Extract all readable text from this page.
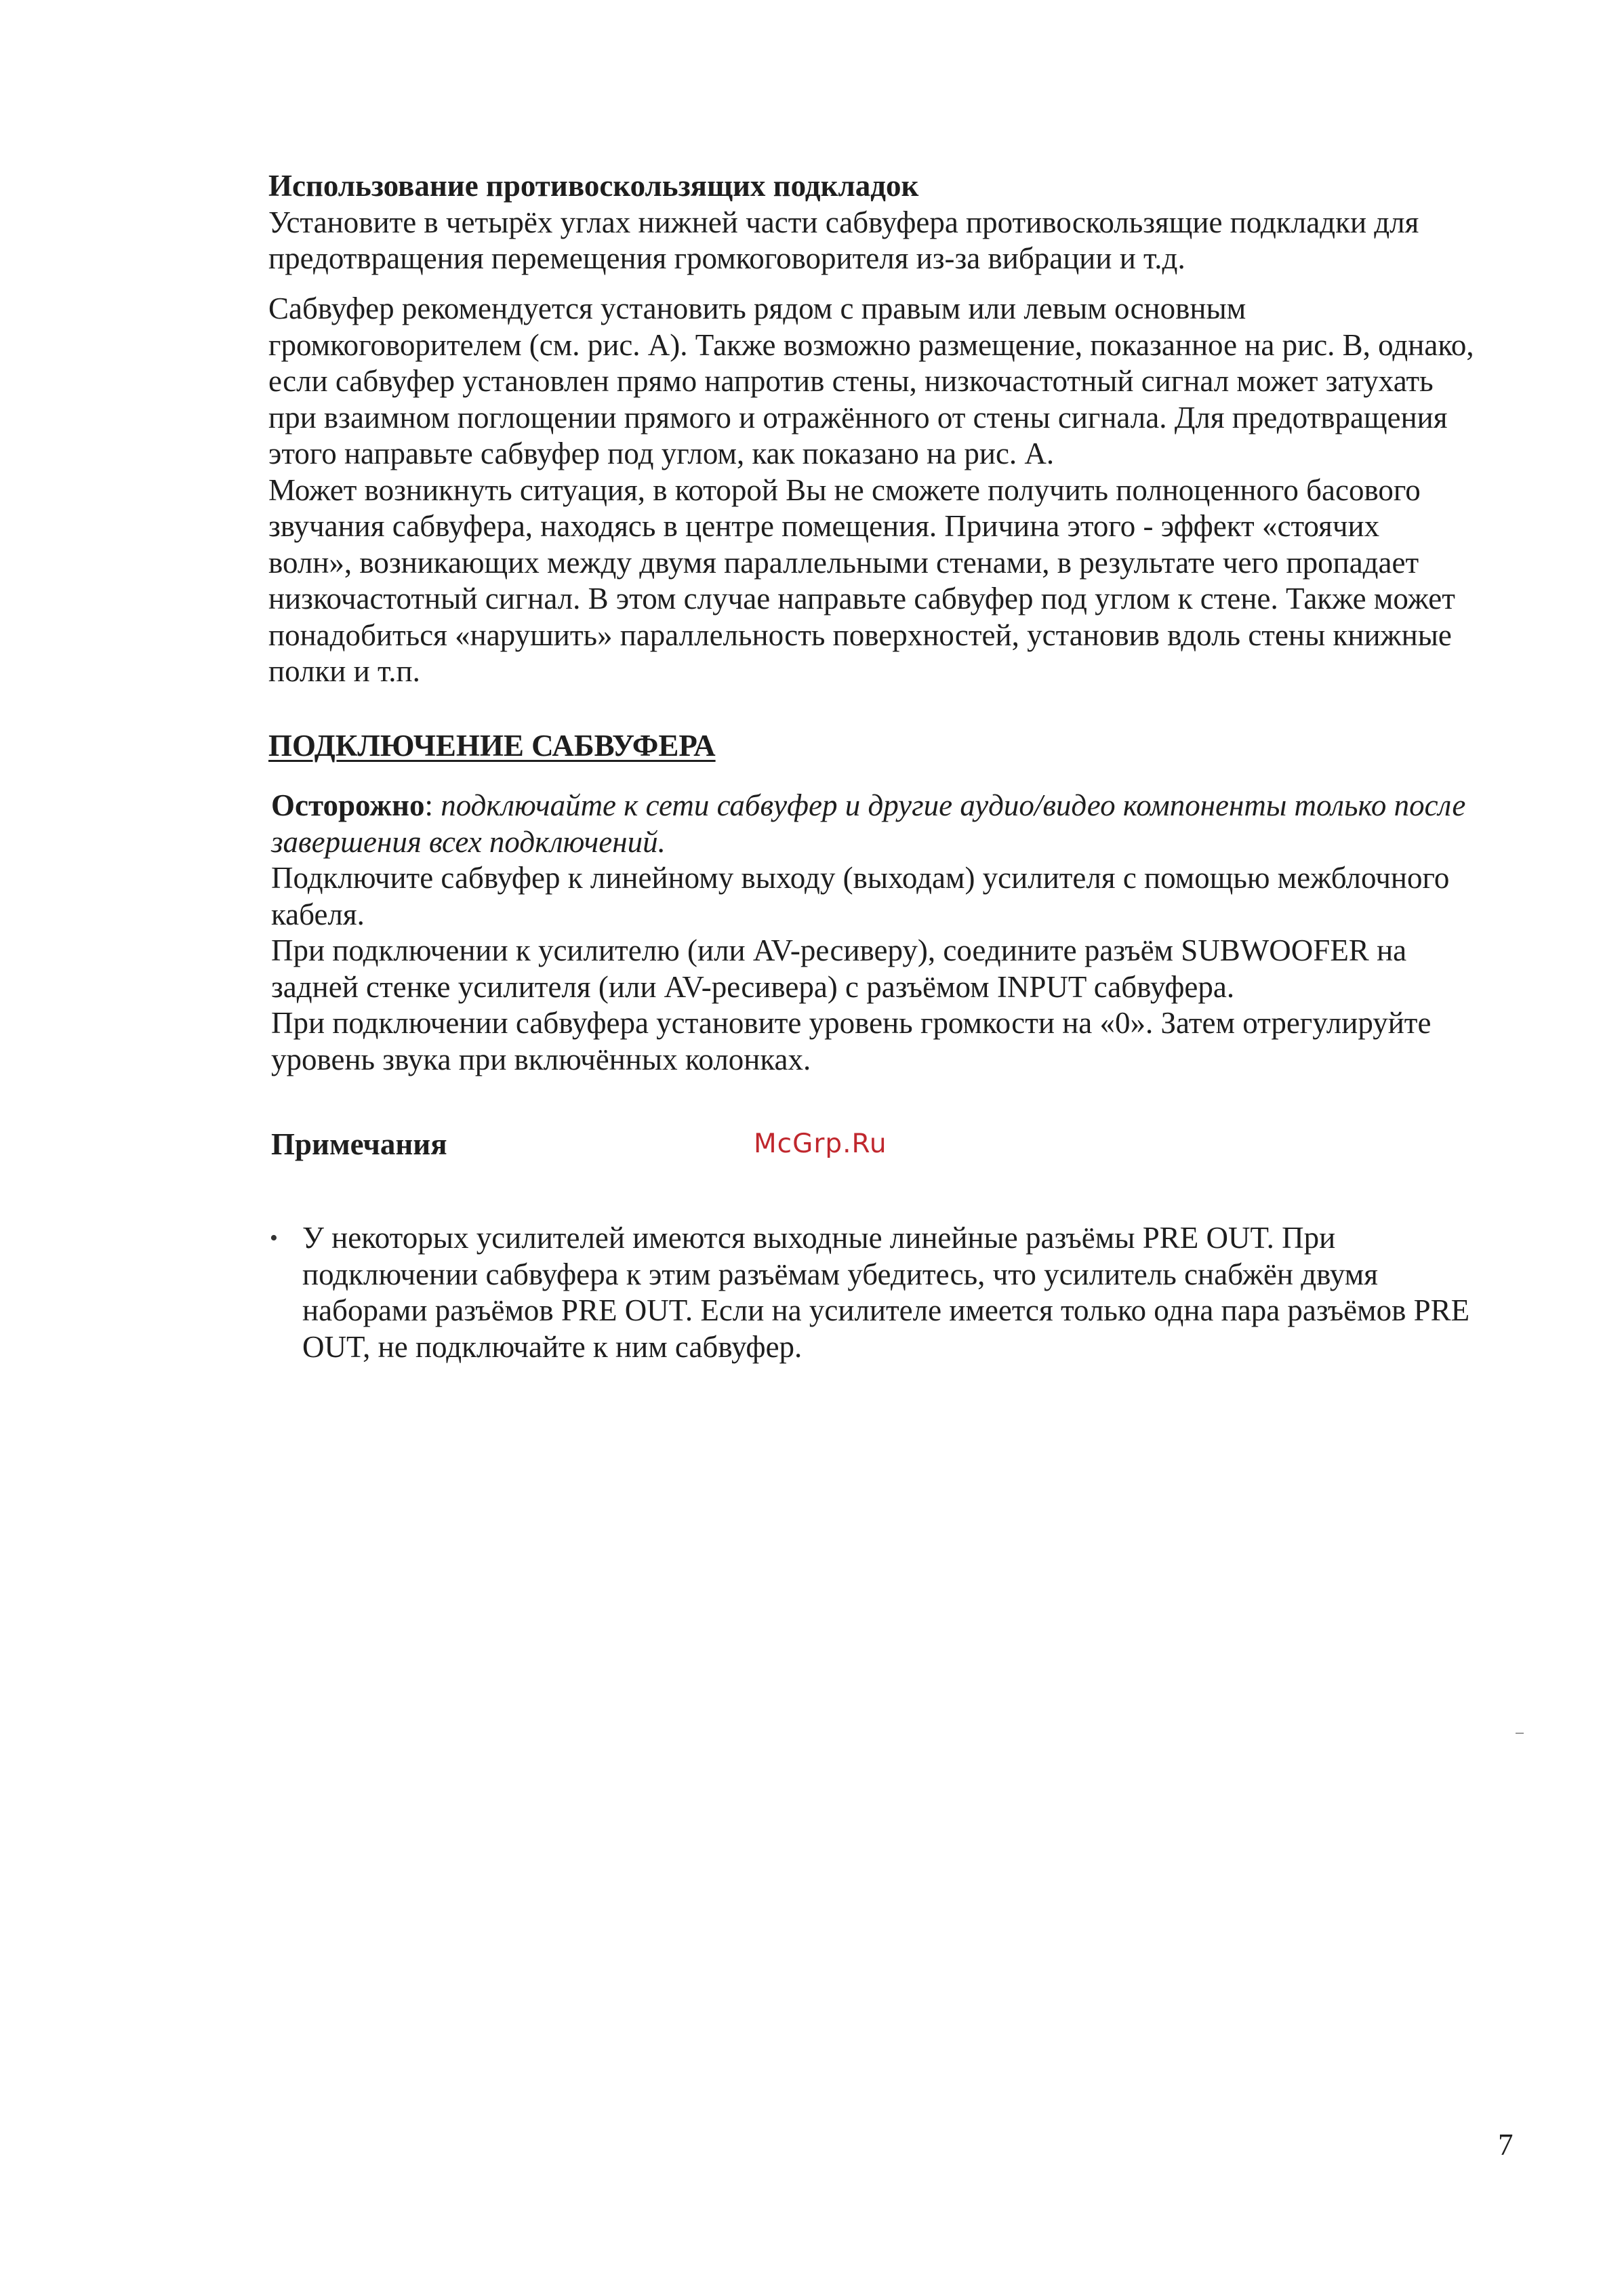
Использование противоскользящих подкладок
Установите в четырёх углах нижней части сабвуфера противоскользящие подкладки для
предотвращения перемещения громкоговорителя из-за вибрации и т.д.
Сабвуфер рекомендуется установить рядом с правым или левым основным
громкоговорителем (см. рис. А). Также возможно размещение, показанное на рис. В, однако,
если сабвуфер установлен прямо напротив стены, низкочастотный сигнал может затухать
при взаимном поглощении прямого и отражённого от стены сигнала. Для предотвращения
этого направьте сабвуфер под углом, как показано на рис. А.
Может возникнуть ситуация, в которой Вы не сможете получить полноценного басового
звучания сабвуфера, находясь в центре помещения. Причина этого - эффект «стоячих
волн», возникающих между двумя параллельными стенами, в результате чего пропадает
низкочастотный сигнал. В этом случае направьте сабвуфер под углом к стене. Также может
понадобиться «нарушить» параллельность поверхностей, установив вдоль стены книжные
полки и т.п.
ПОДКЛЮЧЕНИЕ САБВУФЕРА
Осторожно: подключайте к сети сабвуфер и другие аудио/видео компоненты только после
завершения всех подключений.
Подключите сабвуфер к линейному выходу (выходам) усилителя с помощью межблочного
кабеля.
При подключении к усилителю (или AV-ресиверу), соедините разъём SUBWOOFER на
задней стенке усилителя (или AV-ресивера) с разъёмом INPUT сабвуфера.
При подключении сабвуфера установите уровень громкости на «0». Затем отрегулируйте
уровень звука при включённых колонках.
Примечания	McGrp.Ru
• У некоторых усилителей имеются выходные линейные разъёмы PRE OUT. При
подключении сабвуфера к этим разъёмам убедитесь, что усилитель снабжён двумя
наборами разъёмов PRE OUT. Если на усилителе имеется только одна пара разъёмов PRE
OUT, не подключайте к ним сабвуфер.
7
